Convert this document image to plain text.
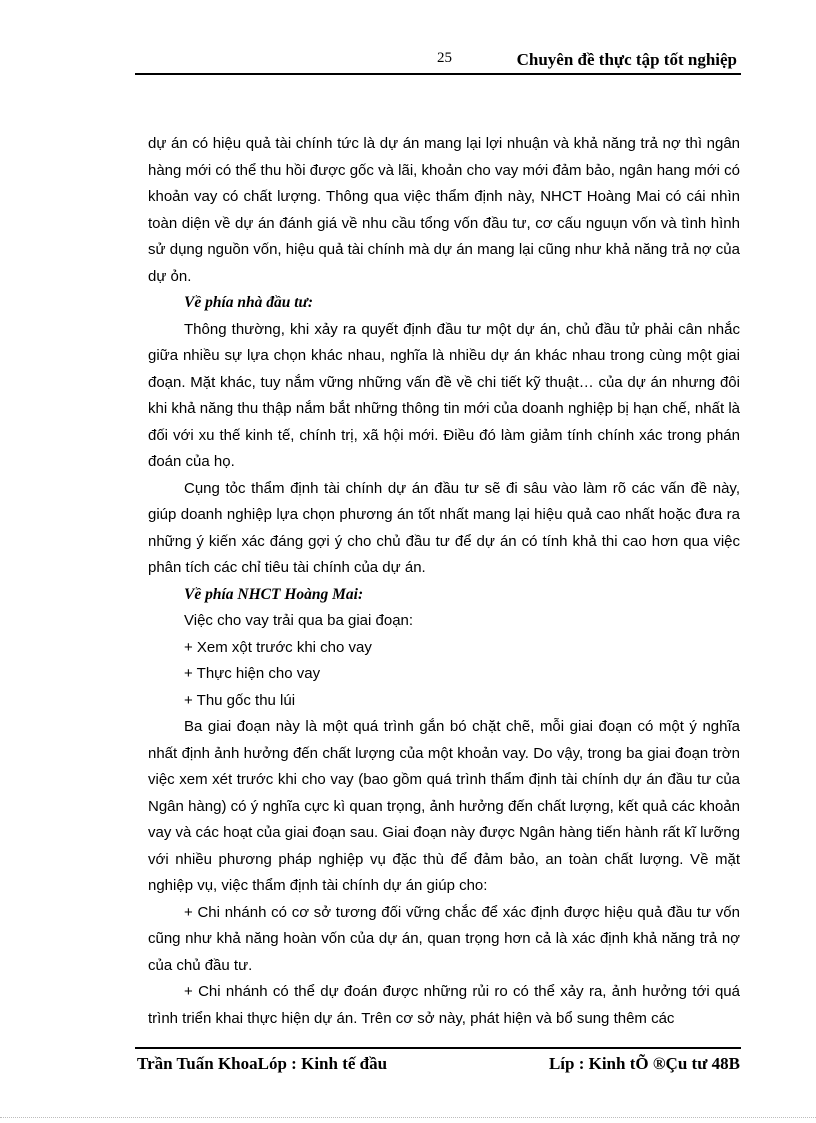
25	Chuyên đề thực tập tốt nghiệp

dự án có hiệu quả tài chính tức là dự án mang lại lợi nhuận và khả năng trả nợ thì ngân hàng mới có thể thu hồi được gốc và lãi, khoản cho vay mới đảm bảo, ngân hang mới có khoản vay có chất lượng. Thông qua việc thẩm định này, NHCT Hoàng Mai có cái nhìn toàn diện về dự án đánh giá về nhu cầu tổng vốn đầu tư, cơ cấu nguụn vốn và tình hình sử dụng nguồn vốn, hiệu quả tài chính mà dự án mang lại cũng như khả năng trả nợ của dự ỏn.

Về phía nhà đầu tư:

Thông thường, khi xảy ra quyết định đầu tư một dự án, chủ đầu tử phải cân nhắc giữa nhiều sự lựa chọn khác nhau, nghĩa là nhiều dự án khác nhau trong cùng một giai đoạn. Mặt khác, tuy nắm vững những vấn đề về chi tiết kỹ thuật… của dự án nhưng đôi khi khả năng thu thập nắm bắt những thông tin mới của doanh nghiệp bị hạn chế, nhất là đối với xu thế kinh tế, chính trị, xã hội mới. Điều đó làm giảm tính chính xác trong phán đoán của họ.

Cụng tỏc thẩm định tài chính dự án đầu tư sẽ đi sâu vào làm rõ các vấn đề này, giúp doanh nghiệp lựa chọn phương án tốt nhất mang lại hiệu quả cao nhất hoặc đưa ra những ý kiến xác đáng gợi ý cho chủ đầu tư để dự án có tính khả thi cao hơn qua việc phân tích các chỉ tiêu tài chính của dự án.

Về phía NHCT Hoàng Mai:

Việc cho vay trải qua ba giai đoạn:

+ Xem xột trước khi cho vay

+ Thực hiện cho vay

+ Thu gốc thu lúi

Ba giai đoạn này là một quá trình gắn bó chặt chẽ, mỗi giai đoạn có một ý nghĩa nhất định ảnh hưởng đến chất lượng của một khoản vay. Do vậy, trong ba giai đoạn trờn việc xem xét trước khi cho vay (bao gồm quá trình thẩm định tài chính dự án đầu tư của Ngân hàng) có ý nghĩa cực kì quan trọng, ảnh hưởng đến chất lượng, kết quả các khoản vay và các hoạt của giai đoạn sau. Giai đoạn này được Ngân hàng tiến hành rất kĩ lưỡng với nhiều phương pháp nghiệp vụ đặc thù để đảm bảo, an toàn chất lượng. Về mặt nghiệp vụ, việc thẩm định tài chính dự án giúp cho:

+ Chi nhánh có cơ sở tương đối vững chắc để xác định được hiệu quả đầu tư vốn cũng như khả năng hoàn vốn của dự án, quan trọng hơn cả là xác định khả năng trả nợ của chủ đầu tư.

+ Chi nhánh có thể dự đoán được những rủi ro có thể xảy ra, ảnh hưởng tới quá trình triển khai thực hiện dự án. Trên cơ sở này, phát hiện và bổ sung thêm các

Trần Tuấn KhoaLóp : Kinh tế đầu	Líp : Kinh tÕ ®Çu tư 48B
